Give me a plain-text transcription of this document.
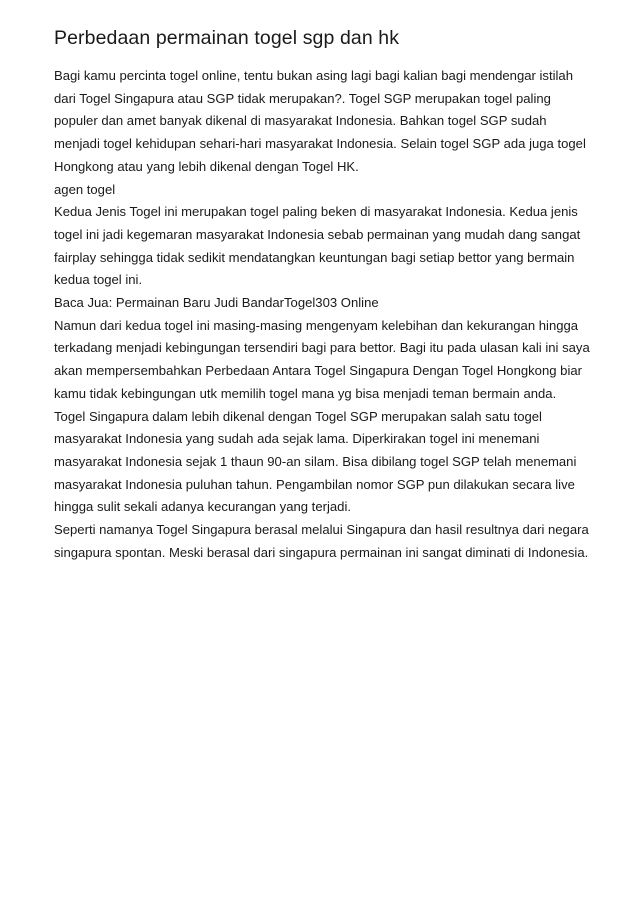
Perbedaan permainan togel sgp dan hk

Bagi kamu percinta togel online, tentu bukan asing lagi bagi kalian bagi mendengar istilah dari Togel Singapura atau SGP tidak merupakan?. Togel SGP merupakan togel paling populer dan amet banyak dikenal di masyarakat Indonesia. Bahkan togel SGP sudah menjadi togel kehidupan sehari-hari masyarakat Indonesia. Selain togel SGP ada juga togel Hongkong atau yang lebih dikenal dengan Togel HK.

agen togel

Kedua Jenis Togel ini merupakan togel paling beken di masyarakat Indonesia. Kedua jenis togel ini jadi kegemaran masyarakat Indonesia sebab permainan yang mudah dang sangat fairplay sehingga tidak sedikit mendatangkan keuntungan bagi setiap bettor yang bermain kedua togel ini.

Baca Jua: Permainan Baru Judi BandarTogel303 Online

Namun dari kedua togel ini masing-masing mengenyam kelebihan dan kekurangan hingga terkadang menjadi kebingungan tersendiri bagi para bettor. Bagi itu pada ulasan kali ini saya akan mempersembahkan Perbedaan Antara Togel Singapura Dengan Togel Hongkong biar kamu tidak kebingungan utk memilih togel mana yg bisa menjadi teman bermain anda.

Togel Singapura dalam lebih dikenal dengan Togel SGP merupakan salah satu togel masyarakat Indonesia yang sudah ada sejak lama. Diperkirakan togel ini menemani masyarakat Indonesia sejak 1 thaun 90-an silam. Bisa dibilang togel SGP telah menemani masyarakat Indonesia puluhan tahun. Pengambilan nomor SGP pun dilakukan secara live hingga sulit sekali adanya kecurangan yang terjadi.

Seperti namanya Togel Singapura berasal melalui Singapura dan hasil resultnya dari negara singapura spontan. Meski berasal dari singapura permainan ini sangat diminati di Indonesia.
